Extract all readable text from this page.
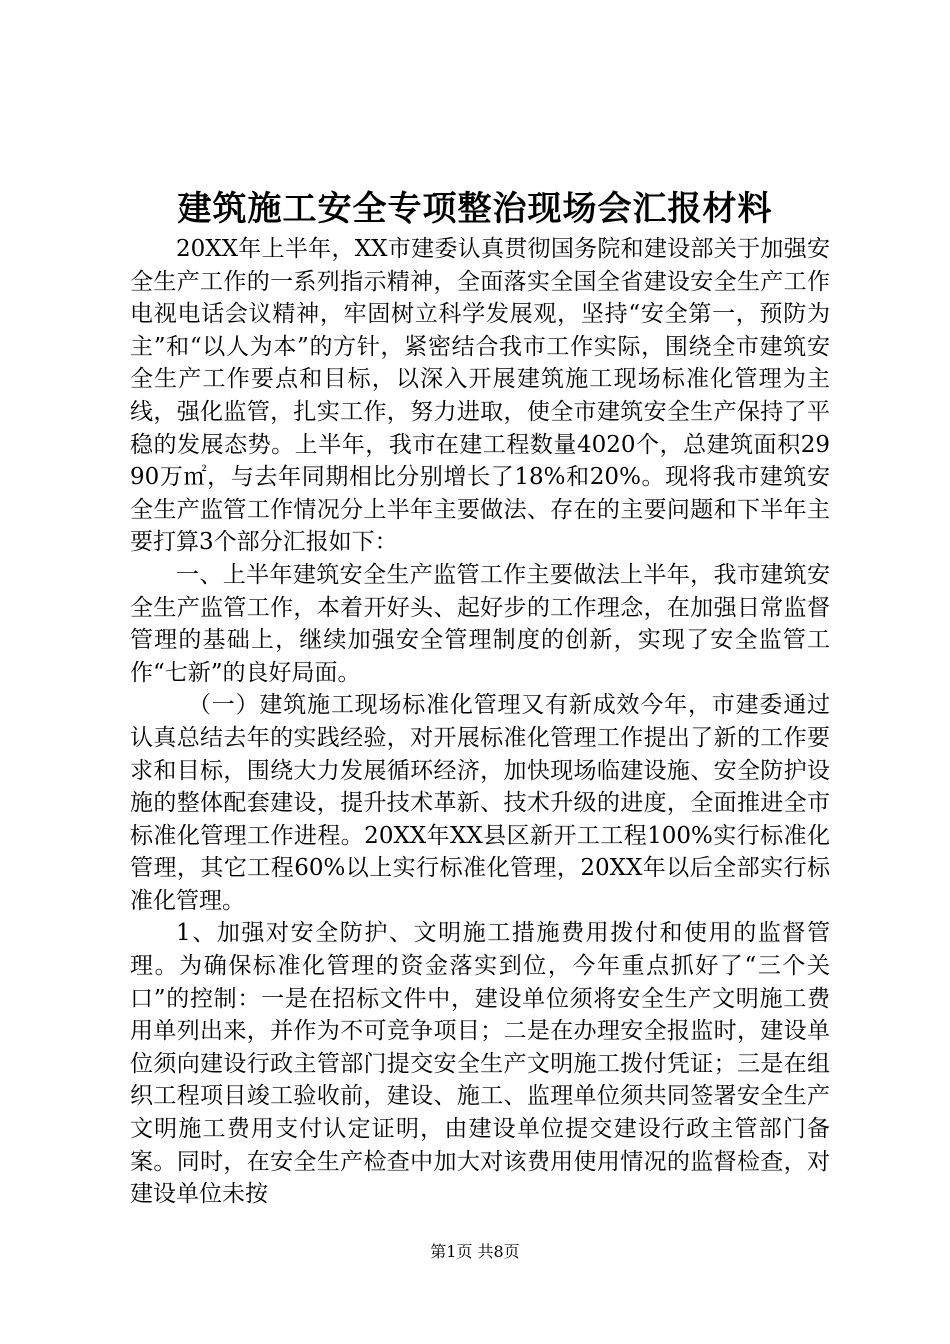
建筑施工安全专项整治现场会汇报材料

20XX年上半年，XX市建委认真贯彻国务院和建设部关于加强安全生产工作的一系列指示精神，全面落实全国全省建设安全生产工作电视电话会议精神，牢固树立科学发展观，坚持“安全第一，预防为主”和“以人为本”的方针，紧密结合我市工作实际，围绕全市建筑安全生产工作要点和目标，以深入开展建筑施工现场标准化管理为主线，强化监管，扎实工作，努力进取，使全市建筑安全生产保持了平稳的发展态势。上半年，我市在建工程数量4020个，总建筑面积2990万㎡，与去年同期相比分别增长了18%和20%。现将我市建筑安全生产监管工作情况分上半年主要做法、存在的主要问题和下半年主要打算3个部分汇报如下：

一、上半年建筑安全生产监管工作主要做法上半年，我市建筑安全生产监管工作，本着开好头、起好步的工作理念，在加强日常监督管理的基础上，继续加强安全管理制度的创新，实现了安全监管工作“七新”的良好局面。

（一）建筑施工现场标准化管理又有新成效今年，市建委通过认真总结去年的实践经验，对开展标准化管理工作提出了新的工作要求和目标，围绕大力发展循环经济，加快现场临建设施、安全防护设施的整体配套建设，提升技术革新、技术升级的进度，全面推进全市标准化管理工作进程。20XX年XX县区新开工工程100%实行标准化管理，其它工程60%以上实行标准化管理，20XX年以后全部实行标准化管理。

1、加强对安全防护、文明施工措施费用拨付和使用的监督管理。为确保标准化管理的资金落实到位，今年重点抓好了“三个关口”的控制：一是在招标文件中，建设单位须将安全生产文明施工费用单列出来，并作为不可竞争项目；二是在办理安全报监时，建设单位须向建设行政主管部门提交安全生产文明施工拨付凭证；三是在组织工程项目竣工验收前，建设、施工、监理单位须共同签署安全生产文明施工费用支付认定证明，由建设单位提交建设行政主管部门备案。同时，在安全生产检查中加大对该费用使用情况的监督检查，对建设单位未按

第1页 共8页
